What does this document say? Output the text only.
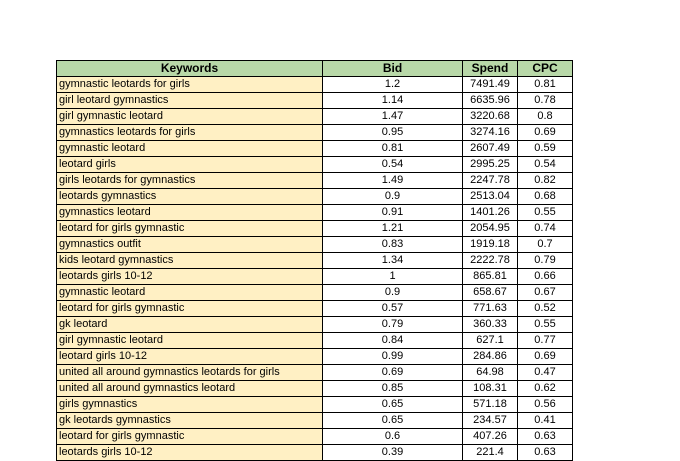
Keywords	Bid	Spend	CPC
gymnastic leotards for girls	1.2	7491.49	0.81
girl leotard gymnastics	1.14	6635.96	0.78
girl gymnastic leotard	1.47	3220.68	0.8
gymnastics leotards for girls	0.95	3274.16	0.69
gymnastic leotard	0.81	2607.49	0.59
leotard girls	0.54	2995.25	0.54
girls leotards for gymnastics	1.49	2247.78	0.82
leotards gymnastics	0.9	2513.04	0.68
gymnastics leotard	0.91	1401.26	0.55
leotard for girls gymnastic	1.21	2054.95	0.74
gymnastics outfit	0.83	1919.18	0.7
kids leotard gymnastics	1.34	2222.78	0.79
leotards girls 10-12	1	865.81	0.66
gymnastic leotard	0.9	658.67	0.67
leotard for girls gymnastic	0.57	771.63	0.52
gk leotard	0.79	360.33	0.55
girl gymnastic leotard	0.84	627.1	0.77
leotard girls 10-12	0.99	284.86	0.69
united all around gymnastics leotards for girls	0.69	64.98	0.47
united all around gymnastics leotard	0.85	108.31	0.62
girls gymnastics	0.65	571.18	0.56
gk leotards gymnastics	0.65	234.57	0.41
leotard for girls gymnastic	0.6	407.26	0.63
leotards girls 10-12	0.39	221.4	0.63
